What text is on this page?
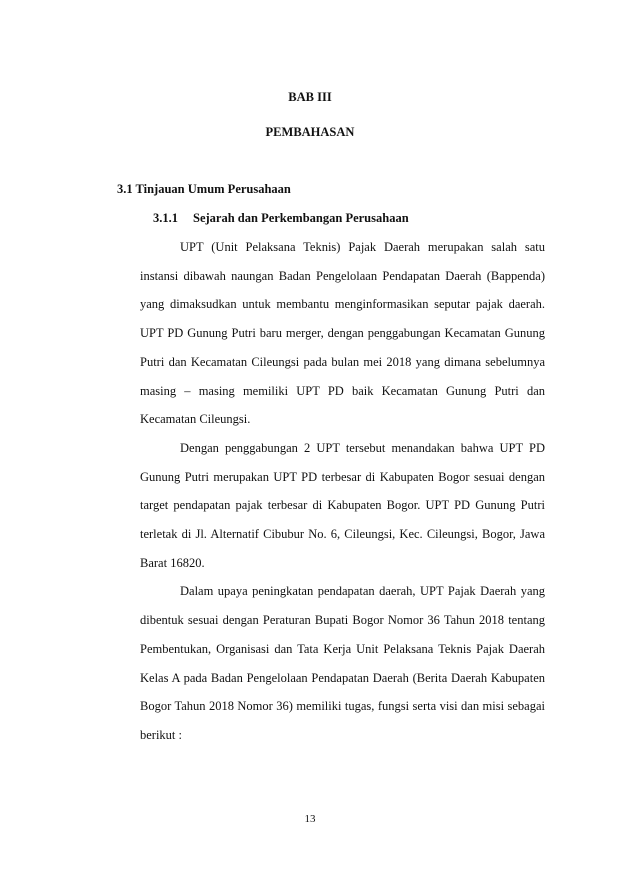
BAB III
PEMBAHASAN
3.1 Tinjauan Umum Perusahaan
3.1.1 Sejarah dan Perkembangan Perusahaan

UPT (Unit Pelaksana Teknis) Pajak Daerah merupakan salah satu instansi dibawah naungan Badan Pengelolaan Pendapatan Daerah (Bappenda) yang dimaksudkan untuk membantu menginformasikan seputar pajak daerah. UPT PD Gunung Putri baru merger, dengan penggabungan Kecamatan Gunung Putri dan Kecamatan Cileungsi pada bulan mei 2018 yang dimana sebelumnya masing – masing memiliki UPT PD baik Kecamatan Gunung Putri dan Kecamatan Cileungsi.

Dengan penggabungan 2 UPT tersebut menandakan bahwa UPT PD Gunung Putri merupakan UPT PD terbesar di Kabupaten Bogor sesuai dengan target pendapatan pajak terbesar di Kabupaten Bogor. UPT PD Gunung Putri terletak di Jl. Alternatif Cibubur No. 6, Cileungsi, Kec. Cileungsi, Bogor, Jawa Barat 16820.

Dalam upaya peningkatan pendapatan daerah, UPT Pajak Daerah yang dibentuk sesuai dengan Peraturan Bupati Bogor Nomor 36 Tahun 2018 tentang Pembentukan, Organisasi dan Tata Kerja Unit Pelaksana Teknis Pajak Daerah Kelas A pada Badan Pengelolaan Pendapatan Daerah (Berita Daerah Kabupaten Bogor Tahun 2018 Nomor 36) memiliki tugas, fungsi serta visi dan misi sebagai berikut :

13
